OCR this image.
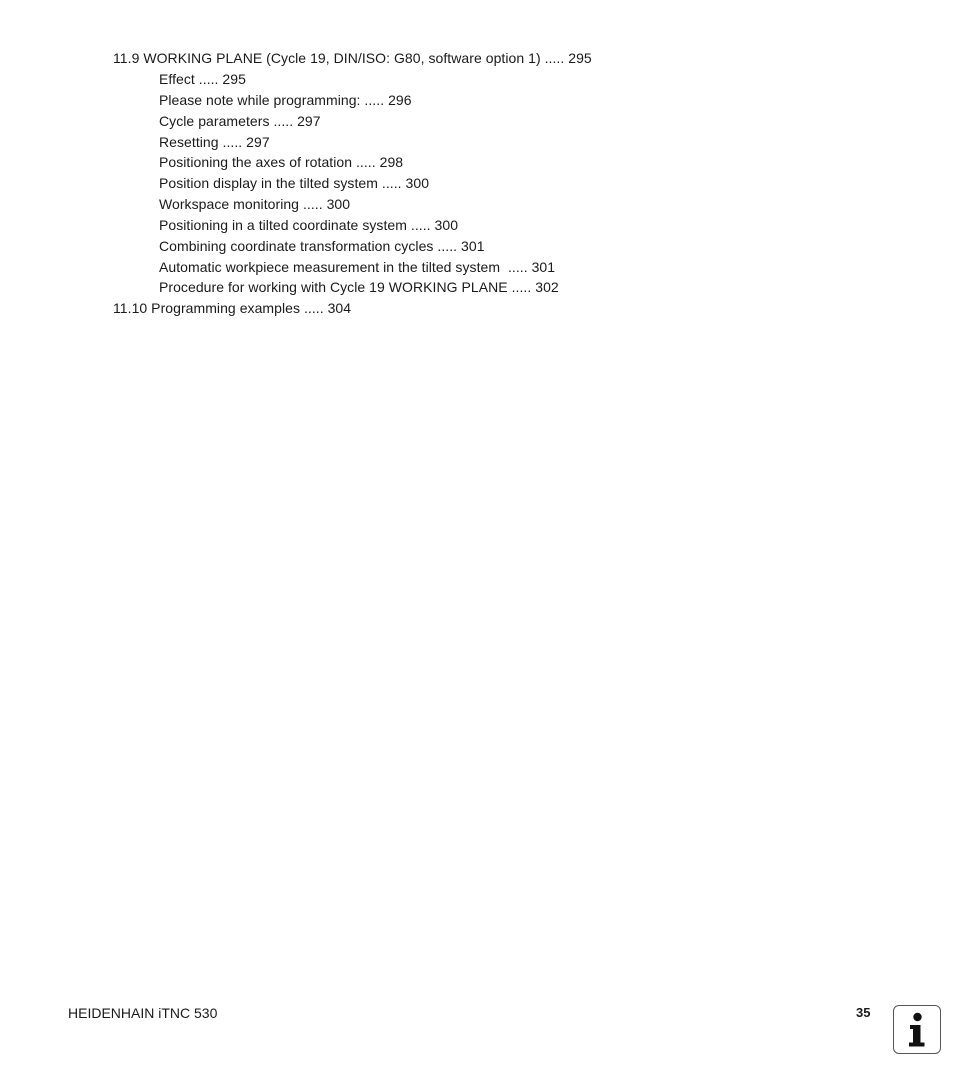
11.9 WORKING PLANE (Cycle 19, DIN/ISO: G80, software option 1) ..... 295
Effect ..... 295
Please note while programming: ..... 296
Cycle parameters ..... 297
Resetting ..... 297
Positioning the axes of rotation ..... 298
Position display in the tilted system ..... 300
Workspace monitoring ..... 300
Positioning in a tilted coordinate system ..... 300
Combining coordinate transformation cycles ..... 301
Automatic workpiece measurement in the tilted system  ..... 301
Procedure for working with Cycle 19 WORKING PLANE ..... 302
11.10 Programming examples ..... 304
HEIDENHAIN iTNC 530	35
